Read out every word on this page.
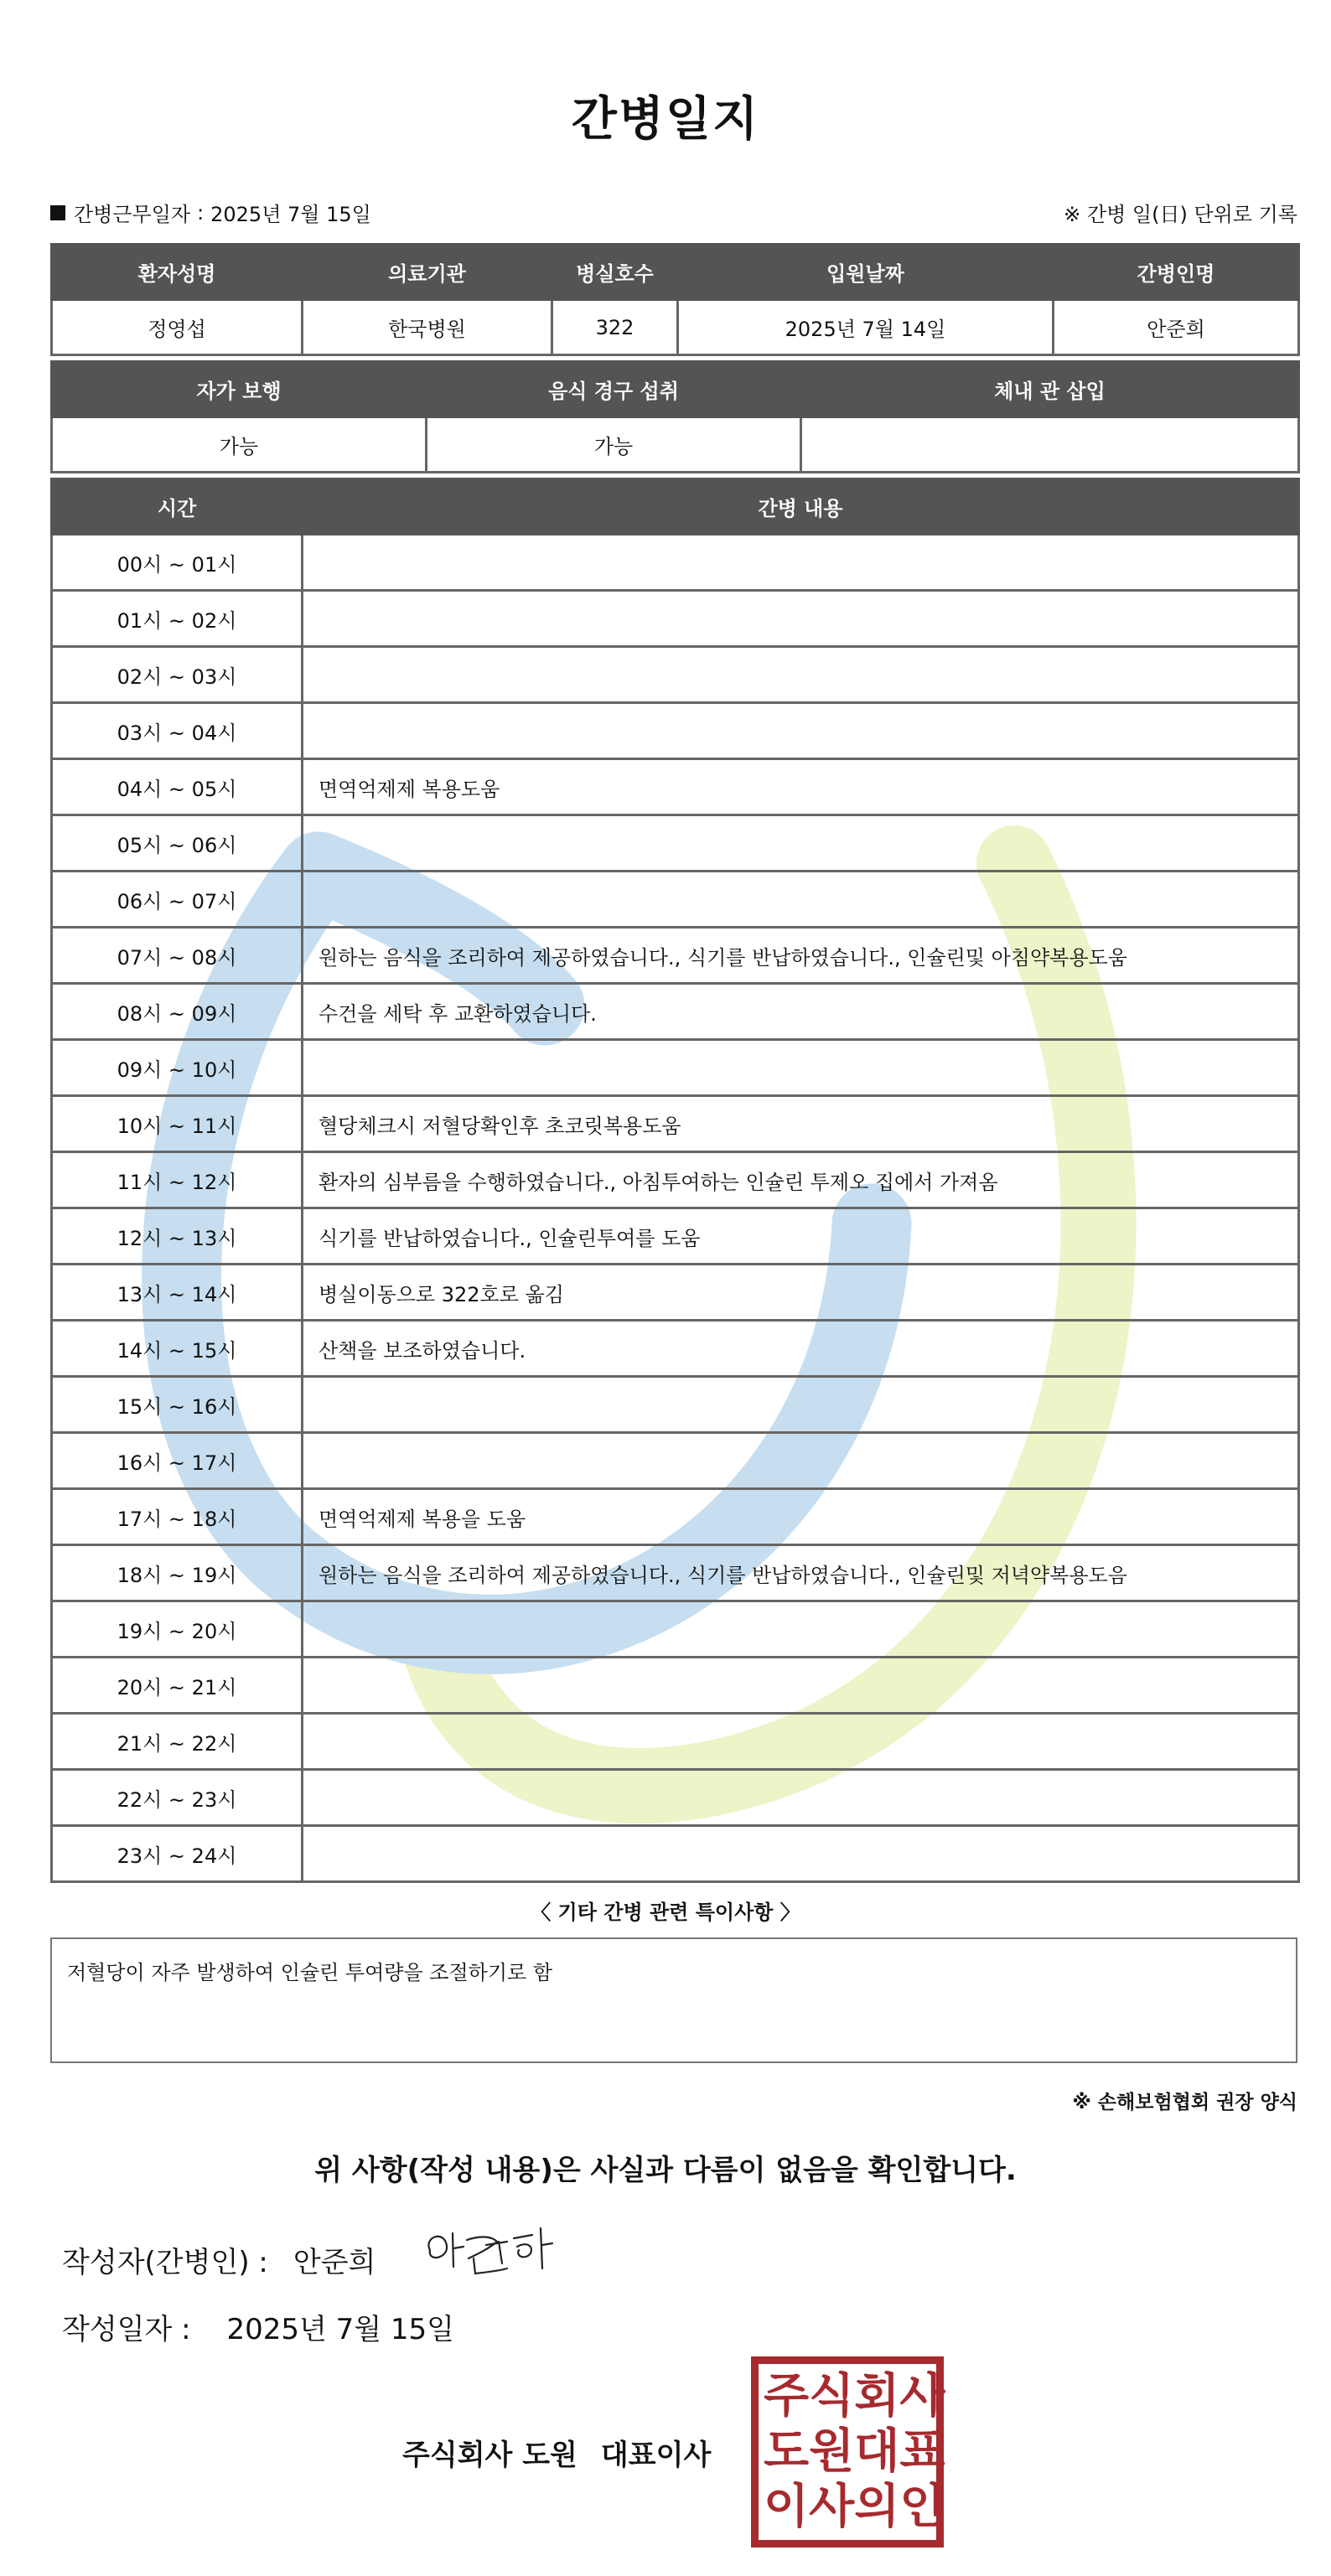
간병일지
간병근무일자 : 2025년 7월 15일	※ 간병 일(日) 단위로 기록
환자성명	의료기관	병실호수	입원날짜	간병인명
정영섭	한국병원	322	2025년 7월 14일	안준희
자가 보행	음식 경구 섭취	체내 관 삽입
가능	가능	
시간	간병 내용
00시 ~ 01시	
01시 ~ 02시	
02시 ~ 03시	
03시 ~ 04시	
04시 ~ 05시	면역억제제 복용도움
05시 ~ 06시	
06시 ~ 07시	
07시 ~ 08시	원하는 음식을 조리하여 제공하였습니다., 식기를 반납하였습니다., 인슐린및 아침약복용도움
08시 ~ 09시	수건을 세탁 후 교환하였습니다.
09시 ~ 10시	
10시 ~ 11시	혈당체크시 저혈당확인후 초코릿복용도움
11시 ~ 12시	환자의 심부름을 수행하였습니다., 아침투여하는 인슐린 투제오 집에서 가져옴
12시 ~ 13시	식기를 반납하였습니다., 인슐린투여를 도움
13시 ~ 14시	병실이동으로 322호로 옮김
14시 ~ 15시	산책을 보조하였습니다.
15시 ~ 16시	
16시 ~ 17시	
17시 ~ 18시	면역억제제 복용을 도움
18시 ~ 19시	원하는 음식을 조리하여 제공하였습니다., 식기를 반납하였습니다., 인슐린및 저녁약복용도음
19시 ~ 20시	
20시 ~ 21시	
21시 ~ 22시	
22시 ~ 23시	
23시 ~ 24시	
〈 기타 간병 관련 특이사항 〉
저혈당이 자주 발생하여 인슐린 투여량을 조절하기로 함
※ 손해보험협회 권장 양식
위 사항(작성 내용)은 사실과 다름이 없음을 확인합니다.
작성자(간병인) : 안준희
작성일자 : 2025년 7월 15일
주식회사 도원 대표이사
주 식 회 사
도 원 대 표
이 사 의 인
